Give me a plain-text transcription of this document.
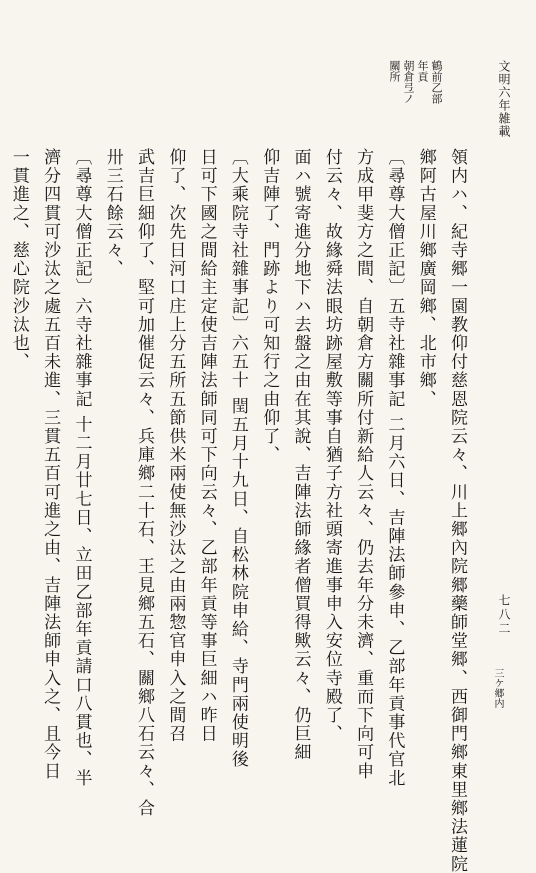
文明六年雑載
鶴前乙部
年貢
朝倉弖ノ
關所
領内ハ、紀寺郷一園教仰付慈恩院云々、川上郷內院郷藥師堂郷、西御門鄉東里鄉法蓮院
鄉阿古屋川鄉廣岡鄉、北市鄉、
〔尋尊大僧正記〕五寺社雜事記 二月六日、吉陣法師參申、乙部年貢事代官北
方成甲斐方之間、自朝倉方關所付新給人云々、仍去年分未濟、重而下向可申
付云々、故緣舜法眼坊跡屋敷等事自猶子方社頭寄進事申入安位寺殿了、
面ハ號寄進分地下ハ去盤之由在其說、吉陣法師緣者僧買得歟云々、仍巨細
仰吉陣了、門跡より可知行之由仰了、
〔大乘院寺社雜事記〕六五十 閏五月十九日、自松林院申給、寺門兩使明後
日可下國之間給主定使吉陣法師同可下向云々、乙部年貢等事巨細ハ昨日
仰了、次先日河口庄上分五所五節供米兩使無沙汰之由兩惣官申入之間召
武吉巨細仰了、堅可加催促云々、兵庫鄉二十石、王見鄉五石、關鄉八石云々、合
卅三石餘云々、
〔尋尊大僧正記〕六寺社雜事記 十二月廿七日、立田乙部年貢請口八貫也、半
濟分四貫可沙汰之處五百未進、三貫五百可進之由、吉陣法師申入之、且今日
一貫進之、慈心院沙汰也、
三ケ郷内
七八二
